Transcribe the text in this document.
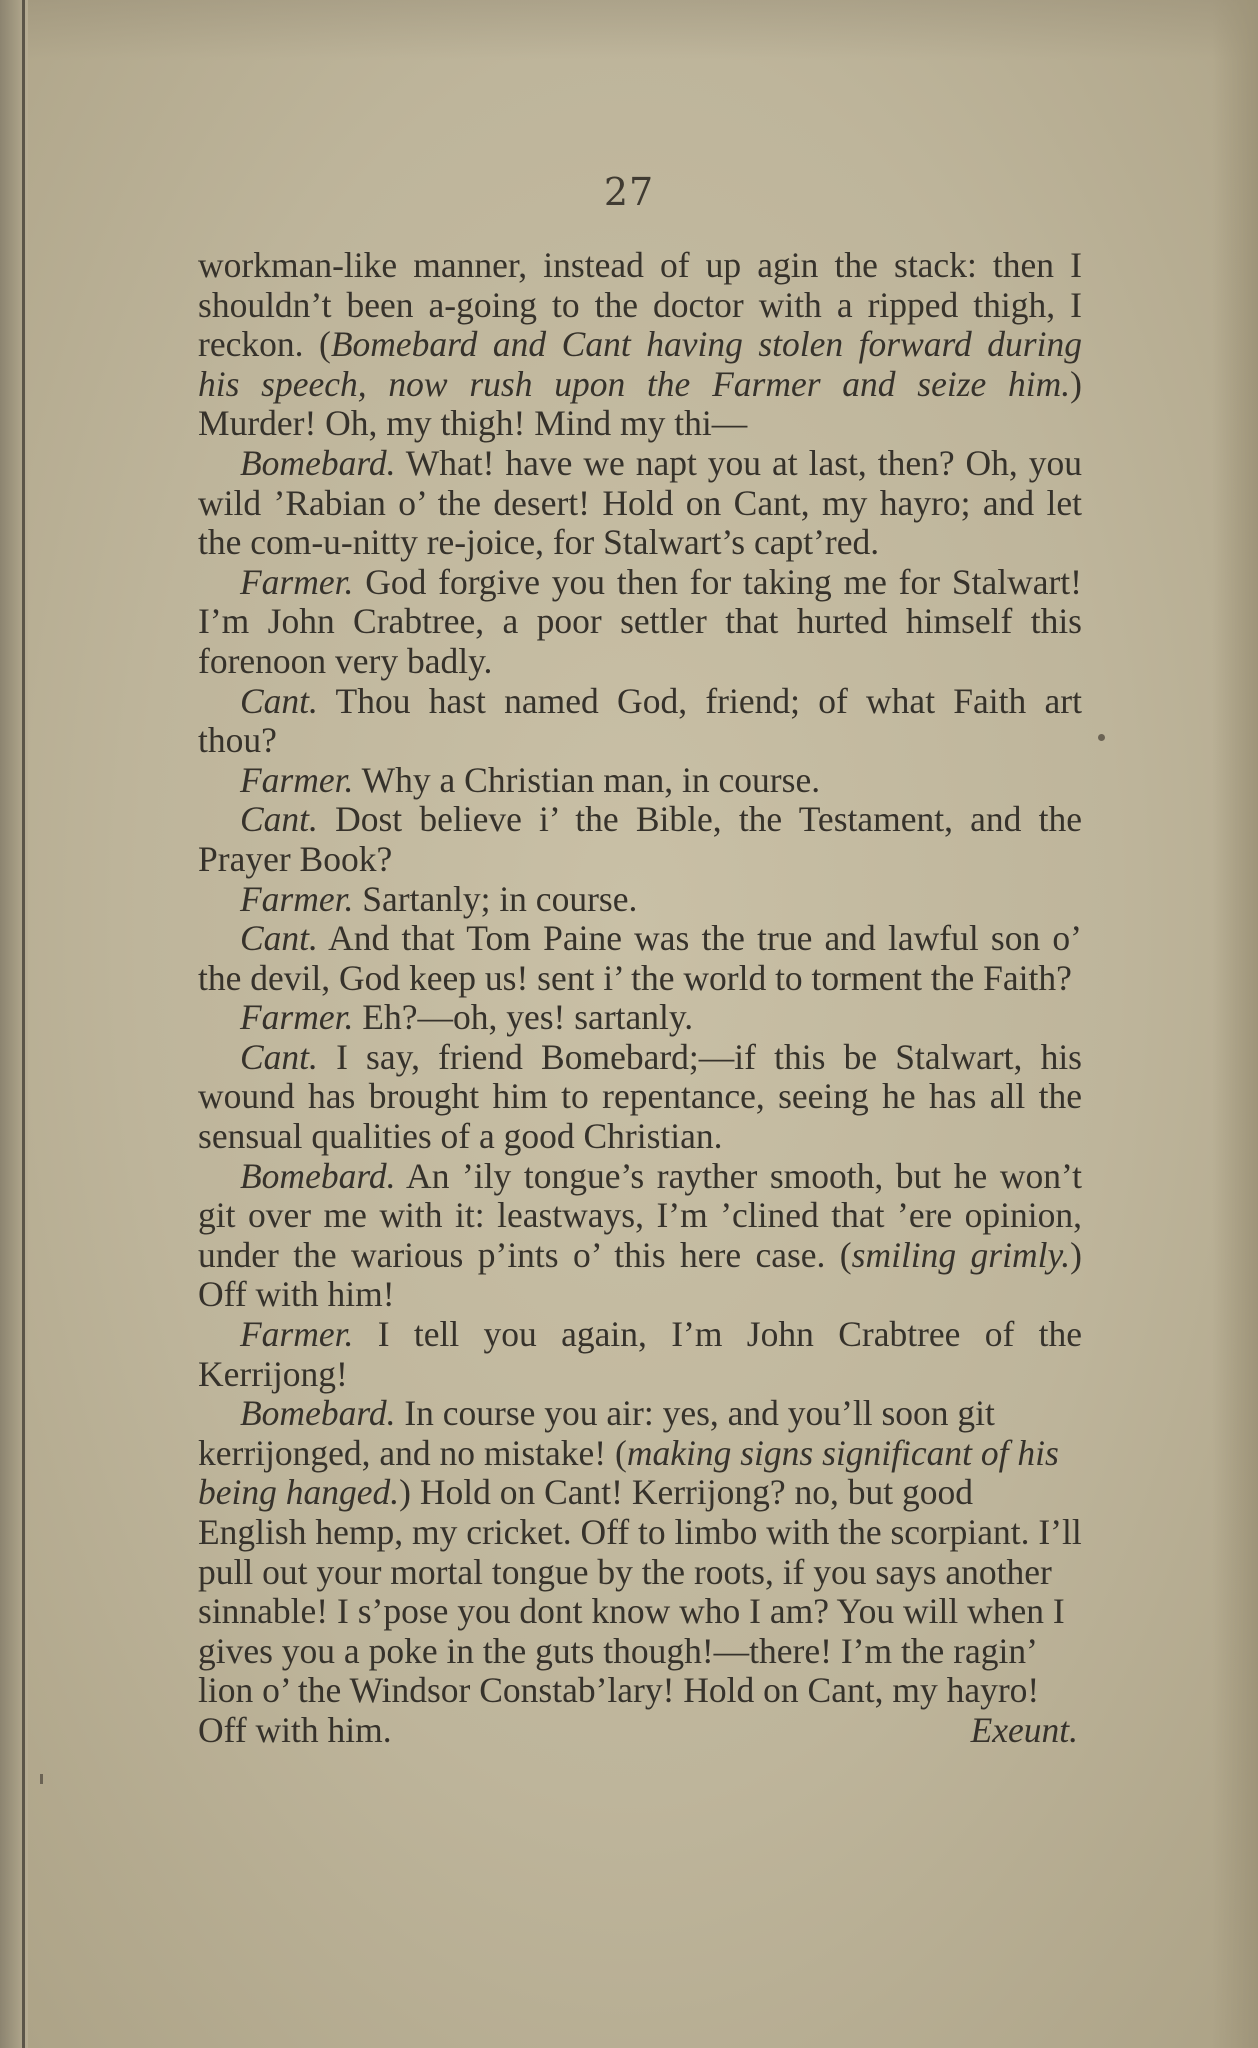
27

workman-like manner, instead of up agin the stack: then I shouldn’t been a-going to the doctor with a ripped thigh, I reckon. (Bomebard and Cant having stolen forward during his speech, now rush upon the Farmer and seize him.) Murder! Oh, my thigh! Mind my thi—

Bomebard. What! have we napt you at last, then? Oh, you wild ’Rabian o’ the desert! Hold on Cant, my hayro; and let the com-u-nitty re-joice, for Stalwart’s capt’red.

Farmer. God forgive you then for taking me for Stalwart! I’m John Crabtree, a poor settler that hurted himself this forenoon very badly.

Cant. Thou hast named God, friend; of what Faith art thou?

Farmer. Why a Christian man, in course.

Cant. Dost believe i’ the Bible, the Testament, and the Prayer Book?

Farmer. Sartanly; in course.

Cant. And that Tom Paine was the true and lawful son o’ the devil, God keep us! sent i’ the world to torment the Faith?

Farmer. Eh?—oh, yes! sartanly.

Cant. I say, friend Bomebard;—if this be Stalwart, his wound has brought him to repentance, seeing he has all the sensual qualities of a good Christian.

Bomebard. An ’ily tongue’s rayther smooth, but he won’t git over me with it: leastways, I’m ’clined that ’ere opinion, under the warious p’ints o’ this here case. (smiling grimly.) Off with him!

Farmer. I tell you again, I’m John Crabtree of the Kerrijong!

Bomebard. In course you air: yes, and you’ll soon git kerrijonged, and no mistake! (making signs significant of his being hanged.) Hold on Cant! Kerrijong? no, but good English hemp, my cricket. Off to limbo with the scorpiant. I’ll pull out your mortal tongue by the roots, if you says another sinnable! I s’pose you dont know who I am? You will when I gives you a poke in the guts though!—there! I’m the ragin’ lion o’ the Windsor Constab’lary! Hold on Cant, my hayro! Off with him.	Exeunt.
